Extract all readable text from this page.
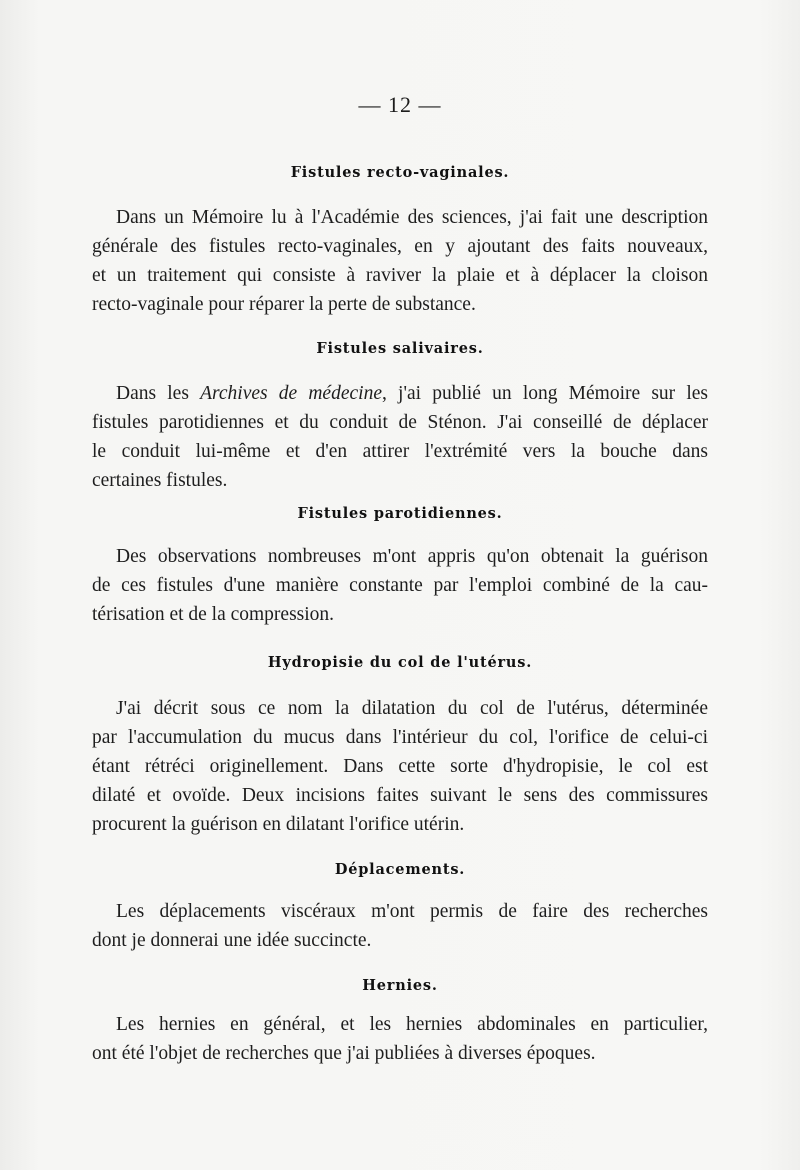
— 12 —
Fistules recto-vaginales.
Dans un Mémoire lu à l'Académie des sciences, j'ai fait une description
générale des fistules recto-vaginales, en y ajoutant des faits nouveaux,
et un traitement qui consiste à raviver la plaie et à déplacer la cloison
recto-vaginale pour réparer la perte de substance.
Fistules salivaires.
Dans les Archives de médecine, j'ai publié un long Mémoire sur les
fistules parotidiennes et du conduit de Sténon. J'ai conseillé de déplacer
le conduit lui-même et d'en attirer l'extrémité vers la bouche dans
certaines fistules.
Fistules parotidiennes.
Des observations nombreuses m'ont appris qu'on obtenait la guérison
de ces fistules d'une manière constante par l'emploi combiné de la cau-
térisation et de la compression.
Hydropisie du col de l'utérus.
J'ai décrit sous ce nom la dilatation du col de l'utérus, déterminée
par l'accumulation du mucus dans l'intérieur du col, l'orifice de celui-ci
étant rétréci originellement. Dans cette sorte d'hydropisie, le col est
dilaté et ovoïde. Deux incisions faites suivant le sens des commissures
procurent la guérison en dilatant l'orifice utérin.
Déplacements.
Les déplacements viscéraux m'ont permis de faire des recherches
dont je donnerai une idée succincte.
Hernies.
Les hernies en général, et les hernies abdominales en particulier,
ont été l'objet de recherches que j'ai publiées à diverses époques.
